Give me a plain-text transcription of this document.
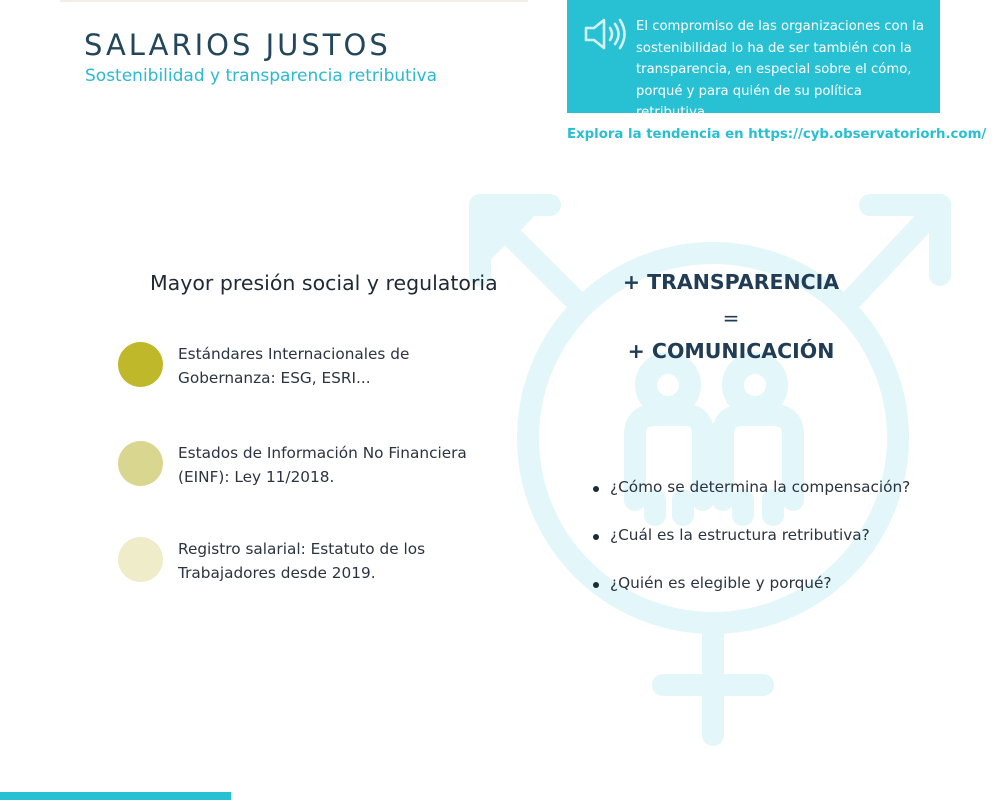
SALARIOS JUSTOS

Sostenibilidad y transparencia retributiva

El compromiso de las organizaciones con la sostenibilidad lo ha de ser también con la transparencia, en especial sobre el cómo, porqué y para quién de su política retributiva.

Explora la tendencia en https://cyb.observatoriorh.com/

Mayor presión social y regulatoria

Estándares Internacionales de Gobernanza: ESG, ESRI...

Estados de Información No Financiera (EINF): Ley 11/2018.

Registro salarial: Estatuto de los Trabajadores desde 2019.

+ TRANSPARENCIA

=

+ COMUNICACIÓN

¿Cómo se determina la compensación?
¿Cuál es la estructura retributiva?
¿Quién es elegible y porqué?
